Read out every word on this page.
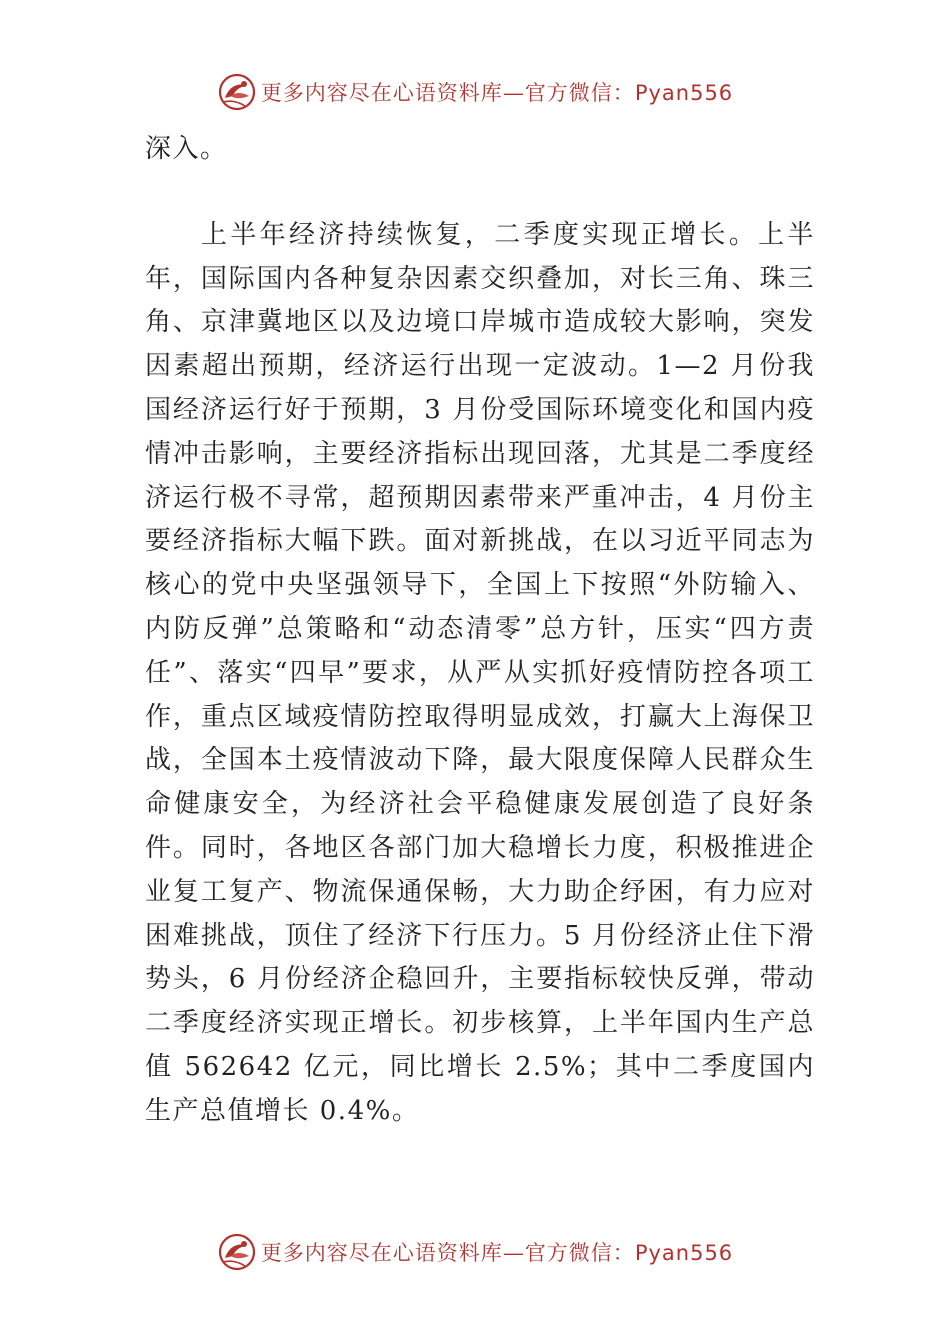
更多内容尽在心语资料库—官方微信：Pyan556

深入。

上半年经济持续恢复，二季度实现正增长。上半年，国际国内各种复杂因素交织叠加，对长三角、珠三角、京津冀地区以及边境口岸城市造成较大影响，突发因素超出预期，经济运行出现一定波动。1—2 月份我国经济运行好于预期，3 月份受国际环境变化和国内疫情冲击影响，主要经济指标出现回落，尤其是二季度经济运行极不寻常，超预期因素带来严重冲击，4 月份主要经济指标大幅下跌。面对新挑战，在以习近平同志为核心的党中央坚强领导下，全国上下按照“外防输入、内防反弹”总策略和“动态清零”总方针，压实“四方责任”、落实“四早”要求，从严从实抓好疫情防控各项工作，重点区域疫情防控取得明显成效，打赢大上海保卫战，全国本土疫情波动下降，最大限度保障人民群众生命健康安全，为经济社会平稳健康发展创造了良好条件。同时，各地区各部门加大稳增长力度，积极推进企业复工复产、物流保通保畅，大力助企纾困，有力应对困难挑战，顶住了经济下行压力。5 月份经济止住下滑势头，6 月份经济企稳回升，主要指标较快反弹，带动二季度经济实现正增长。初步核算，上半年国内生产总值 562642 亿元，同比增长 2.5%；其中二季度国内生产总值增长 0.4%。

更多内容尽在心语资料库—官方微信：Pyan556
